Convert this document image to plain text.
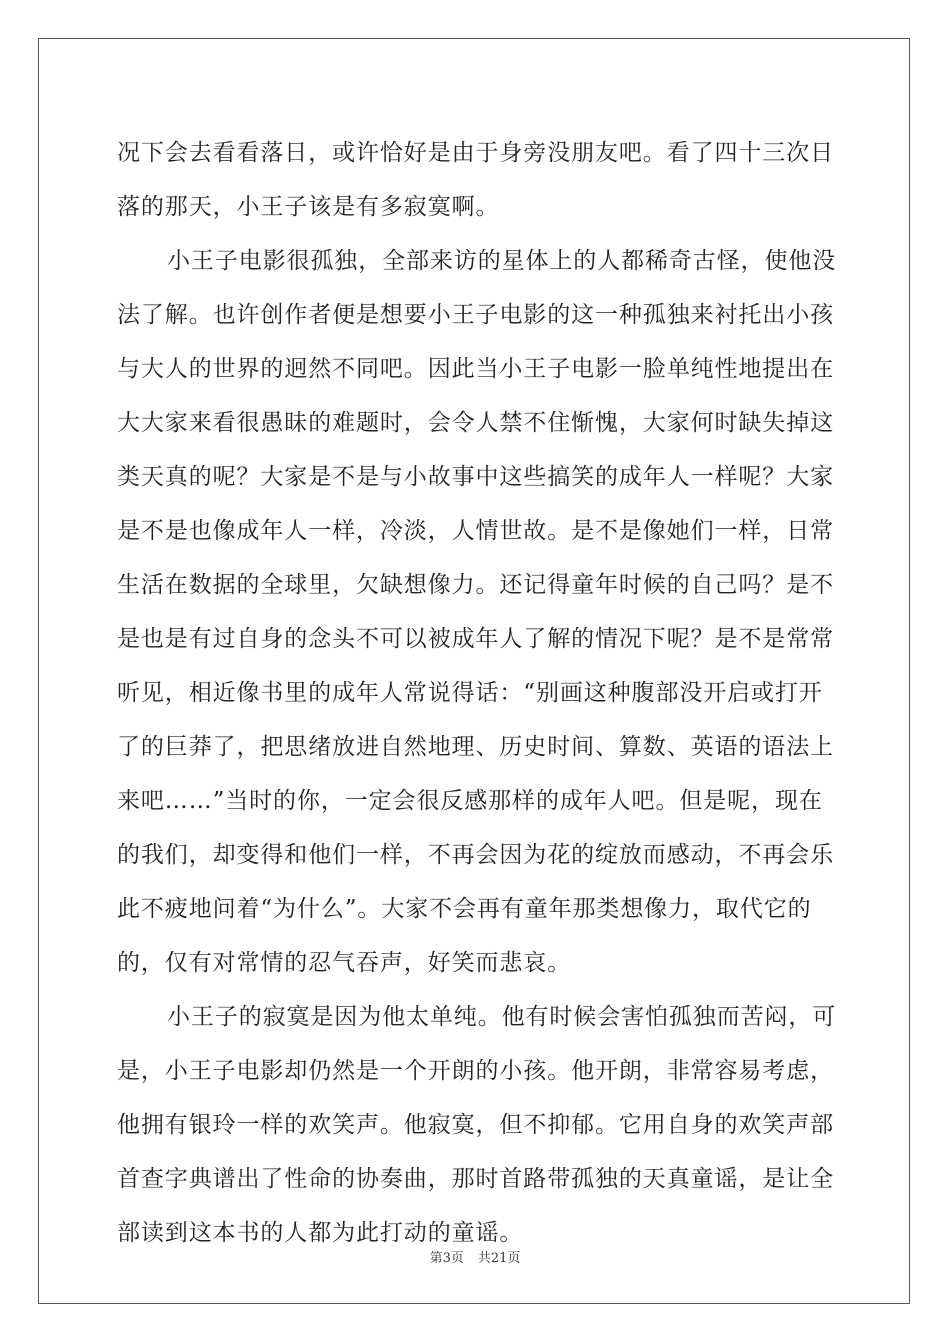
况下会去看看落日，或许恰好是由于身旁没朋友吧。看了四十三次日
落的那天，小王子该是有多寂寞啊。
小王子电影很孤独，全部来访的星体上的人都稀奇古怪，使他没
法了解。也许创作者便是想要小王子电影的这一种孤独来衬托出小孩
与大人的世界的迥然不同吧。因此当小王子电影一脸单纯性地提出在
大大家来看很愚昧的难题时，会令人禁不住惭愧，大家何时缺失掉这
类天真的呢？大家是不是与小故事中这些搞笑的成年人一样呢？大家
是不是也像成年人一样，冷淡，人情世故。是不是像她们一样，日常
生活在数据的全球里，欠缺想像力。还记得童年时候的自己吗？是不
是也是有过自身的念头不可以被成年人了解的情况下呢？是不是常常
听见，相近像书里的成年人常说得话：“别画这种腹部没开启或打开
了的巨莽了，把思绪放进自然地理、历史时间、算数、英语的语法上
来吧……”当时的你，一定会很反感那样的成年人吧。但是呢，现在
的我们，却变得和他们一样，不再会因为花的绽放而感动，不再会乐
此不疲地问着“为什么”。大家不会再有童年那类想像力，取代它的
的，仅有对常情的忍气吞声，好笑而悲哀。
小王子的寂寞是因为他太单纯。他有时候会害怕孤独而苦闷，可
是，小王子电影却仍然是一个开朗的小孩。他开朗，非常容易考虑，
他拥有银玲一样的欢笑声。他寂寞，但不抑郁。它用自身的欢笑声部
首查字典谱出了性命的协奏曲，那时首路带孤独的天真童谣，是让全
部读到这本书的人都为此打动的童谣。
第3页 共21页
